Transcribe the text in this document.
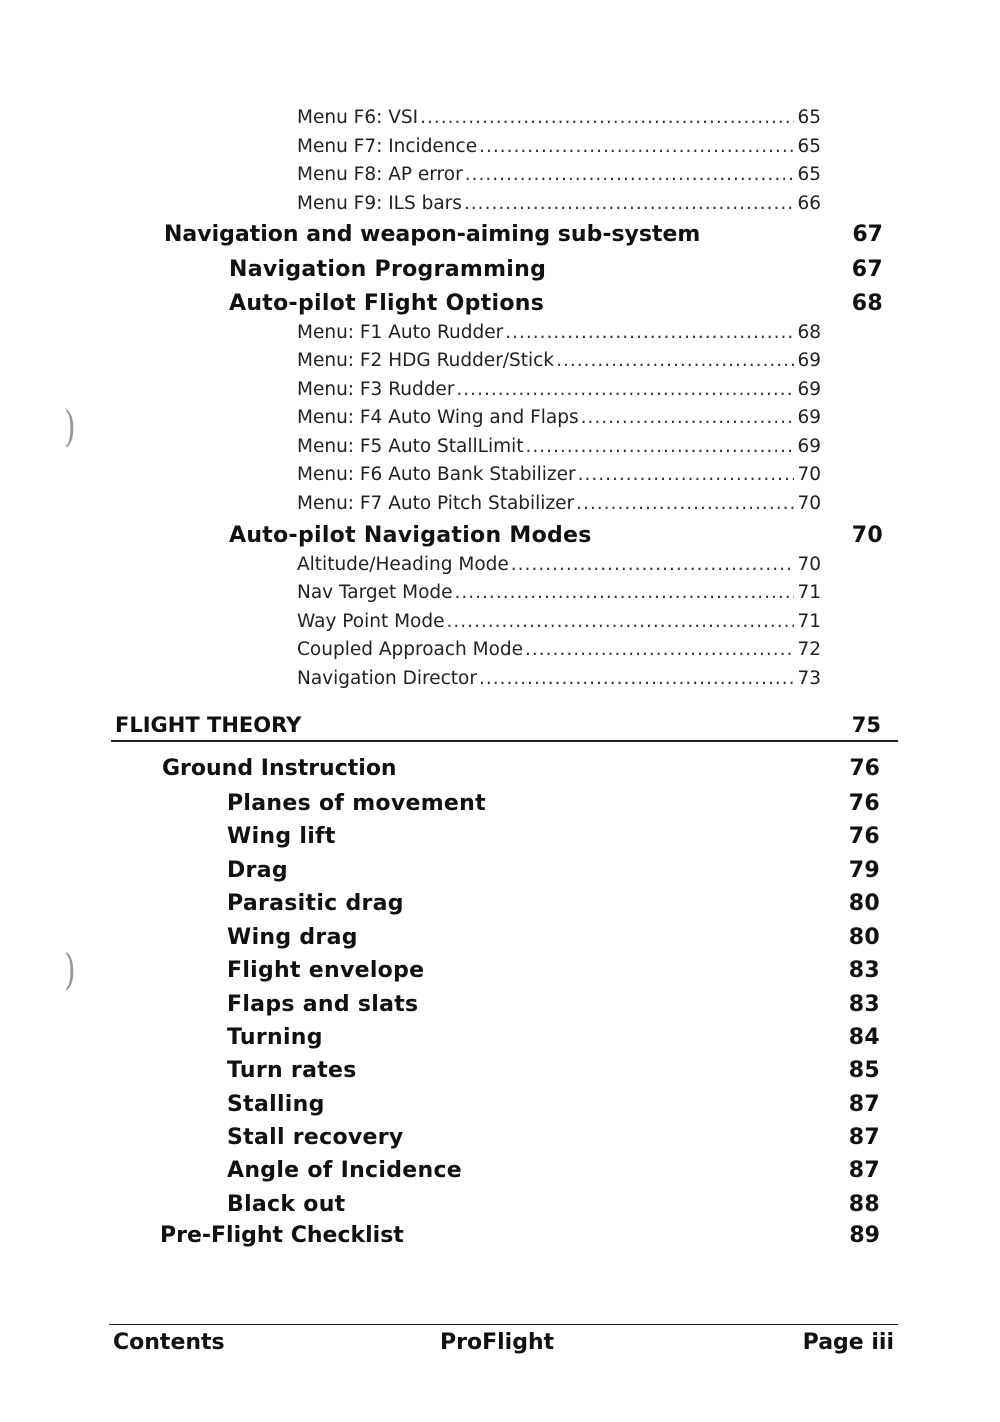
Menu F6: VSI .....	65
Menu F7: Incidence .....	65
Menu F8: AP error .....	65
Menu F9: ILS bars .....	66
Navigation and weapon-aiming sub-system	67
Navigation Programming	67
Auto-pilot Flight Options	68
Menu: F1 Auto Rudder .....	68
Menu: F2 HDG Rudder/Stick .....	69
Menu: F3 Rudder .....	69
Menu: F4 Auto Wing and Flaps .....	69
Menu: F5 Auto StallLimit .....	69
Menu: F6 Auto Bank Stabilizer .....	70
Menu: F7 Auto Pitch Stabilizer .....	70
Auto-pilot Navigation Modes	70
Altitude/Heading Mode .....	70
Nav Target Mode .....	71
Way Point Mode .....	71
Coupled Approach Mode .....	72
Navigation Director .....	73
FLIGHT THEORY	75
Ground Instruction	76
Planes of movement	76
Wing lift	76
Drag	79
Parasitic drag	80
Wing drag	80
Flight envelope	83
Flaps and slats	83
Turning	84
Turn rates	85
Stalling	87
Stall recovery	87
Angle of Incidence	87
Black out	88
Pre-Flight Checklist	89
Contents	ProFlight	Page iii
)
)
